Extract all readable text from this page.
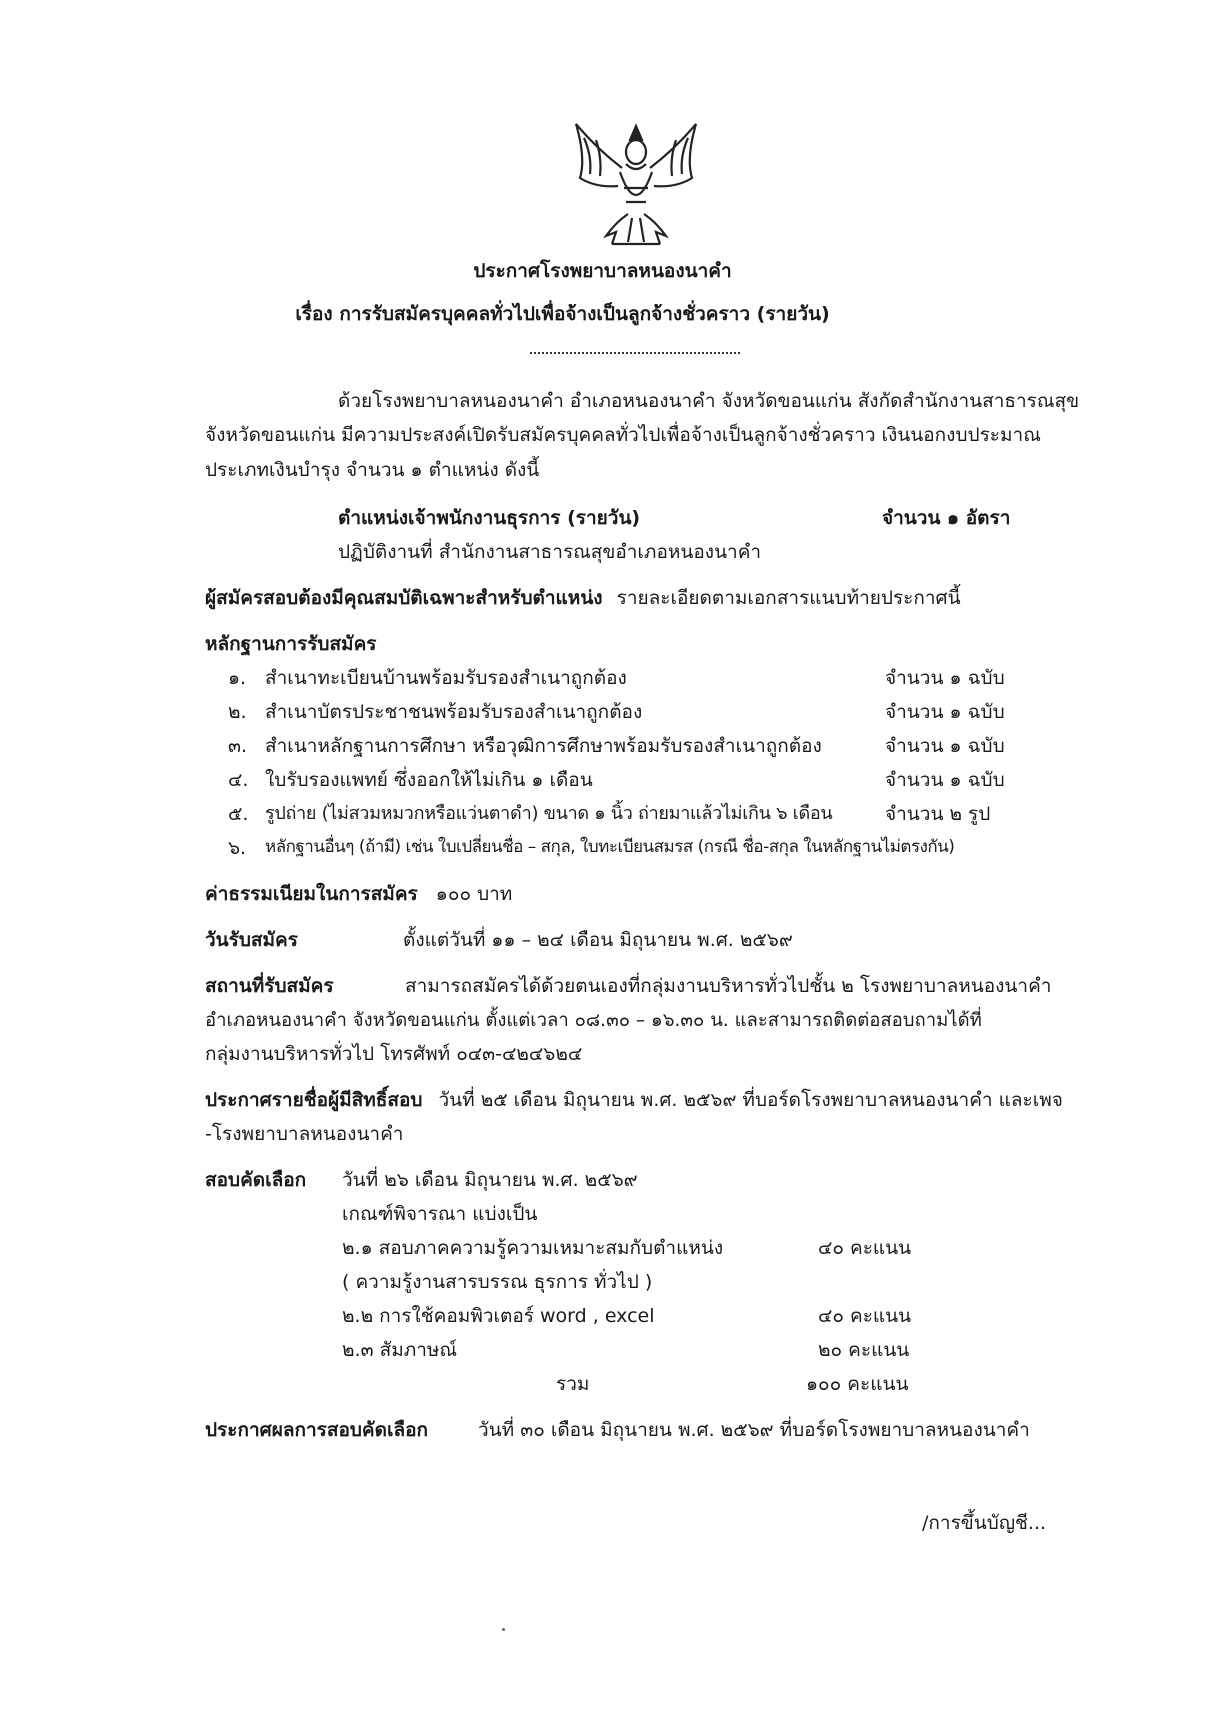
ประกาศโรงพยาบาลหนองนาคำ
เรื่อง การรับสมัครบุคคลทั่วไปเพื่อจ้างเป็นลูกจ้างชั่วคราว (รายวัน)
ด้วยโรงพยาบาลหนองนาคำ อำเภอหนองนาคำ จังหวัดขอนแก่น สังกัดสำนักงานสาธารณสุข
จังหวัดขอนแก่น มีความประสงค์เปิดรับสมัครบุคคลทั่วไปเพื่อจ้างเป็นลูกจ้างชั่วคราว เงินนอกงบประมาณ
ประเภทเงินบำรุง จำนวน ๑ ตำแหน่ง ดังนี้
ตำแหน่งเจ้าพนักงานธุรการ (รายวัน)	จำนวน ๑ อัตรา
ปฏิบัติงานที่ สำนักงานสาธารณสุขอำเภอหนองนาคำ
ผู้สมัครสอบต้องมีคุณสมบัติเฉพาะสำหรับตำแหน่ง รายละเอียดตามเอกสารแนบท้ายประกาศนี้
หลักฐานการรับสมัคร
๑. สำเนาทะเบียนบ้านพร้อมรับรองสำเนาถูกต้อง	จำนวน ๑ ฉบับ
๒. สำเนาบัตรประชาชนพร้อมรับรองสำเนาถูกต้อง	จำนวน ๑ ฉบับ
๓. สำเนาหลักฐานการศึกษา หรือวุฒิการศึกษาพร้อมรับรองสำเนาถูกต้อง	จำนวน ๑ ฉบับ
๔. ใบรับรองแพทย์ ซึ่งออกให้ไม่เกิน ๑ เดือน	จำนวน ๑ ฉบับ
๕. รูปถ่าย (ไม่สวมหมวกหรือแว่นตาดำ) ขนาด ๑ นิ้ว ถ่ายมาแล้วไม่เกิน ๖ เดือน	จำนวน ๒ รูป
๖. หลักฐานอื่นๆ (ถ้ามี) เช่น ใบเปลี่ยนชื่อ – สกุล, ใบทะเบียนสมรส (กรณี ชื่อ-สกุล ในหลักฐานไม่ตรงกัน)
ค่าธรรมเนียมในการสมัคร ๑๐๐ บาท
วันรับสมัคร	ตั้งแต่วันที่ ๑๑ – ๒๔ เดือน มิถุนายน พ.ศ. ๒๕๖๙
สถานที่รับสมัคร	สามารถสมัครได้ด้วยตนเองที่กลุ่มงานบริหารทั่วไปชั้น ๒ โรงพยาบาลหนองนาคำ
อำเภอหนองนาคำ จังหวัดขอนแก่น ตั้งแต่เวลา ๐๘.๓๐ – ๑๖.๓๐ น. และสามารถติดต่อสอบถามได้ที่
กลุ่มงานบริหารทั่วไป โทรศัพท์ ๐๔๓-๔๒๔๖๒๔
ประกาศรายชื่อผู้มีสิทธิ์สอบ วันที่ ๒๕ เดือน มิถุนายน พ.ศ. ๒๕๖๙ ที่บอร์ดโรงพยาบาลหนองนาคำ และเพจ
-โรงพยาบาลหนองนาคำ
สอบคัดเลือก วันที่ ๒๖ เดือน มิถุนายน พ.ศ. ๒๕๖๙
เกณฑ์พิจารณา แบ่งเป็น
๒.๑ สอบภาคความรู้ความเหมาะสมกับตำแหน่ง	๔๐ คะแนน
( ความรู้งานสารบรรณ ธุรการ ทั่วไป )
๒.๒ การใช้คอมพิวเตอร์ word , excel	๔๐ คะแนน
๒.๓ สัมภาษณ์	๒๐ คะแนน
รวม	๑๐๐ คะแนน
ประกาศผลการสอบคัดเลือก	วันที่ ๓๐ เดือน มิถุนายน พ.ศ. ๒๕๖๙ ที่บอร์ดโรงพยาบาลหนองนาคำ
/การขึ้นบัญชี...
